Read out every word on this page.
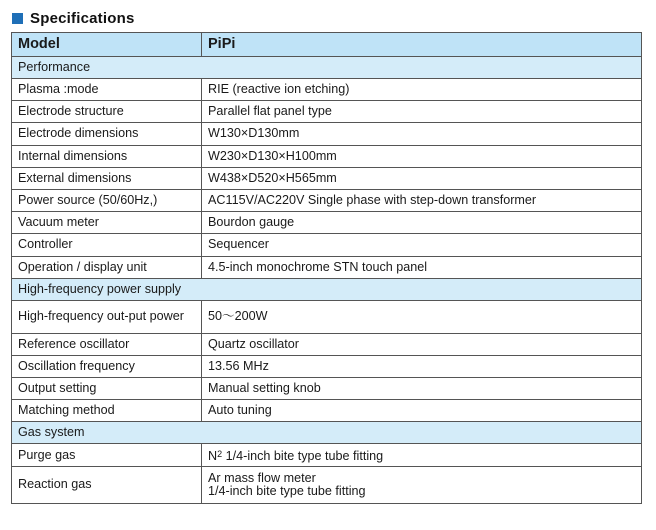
Specifications
Model	PiPi
Performance	
Plasma :mode	RIE (reactive ion etching)
Electrode structure	Parallel flat panel type
Electrode dimensions	W130×D130mm
Internal dimensions	W230×D130×H100mm
External dimensions	W438×D520×H565mm
Power source (50/60Hz,)	AC115V/AC220V Single phase with step-down transformer
Vacuum meter	Bourdon gauge
Controller	Sequencer
Operation / display unit	4.5-inch monochrome STN touch panel
High-frequency power supply	
High-frequency out-put power	50～200W
Reference oscillator	Quartz oscillator
Oscillation frequency	13.56 MHz
Output setting	Manual setting knob
Matching method	Auto tuning
Gas system	
Purge gas	$N^2$ 1/4-inch bite type tube fitting
Reaction gas	Ar mass flow meter
1/4-inch bite type tube fitting
